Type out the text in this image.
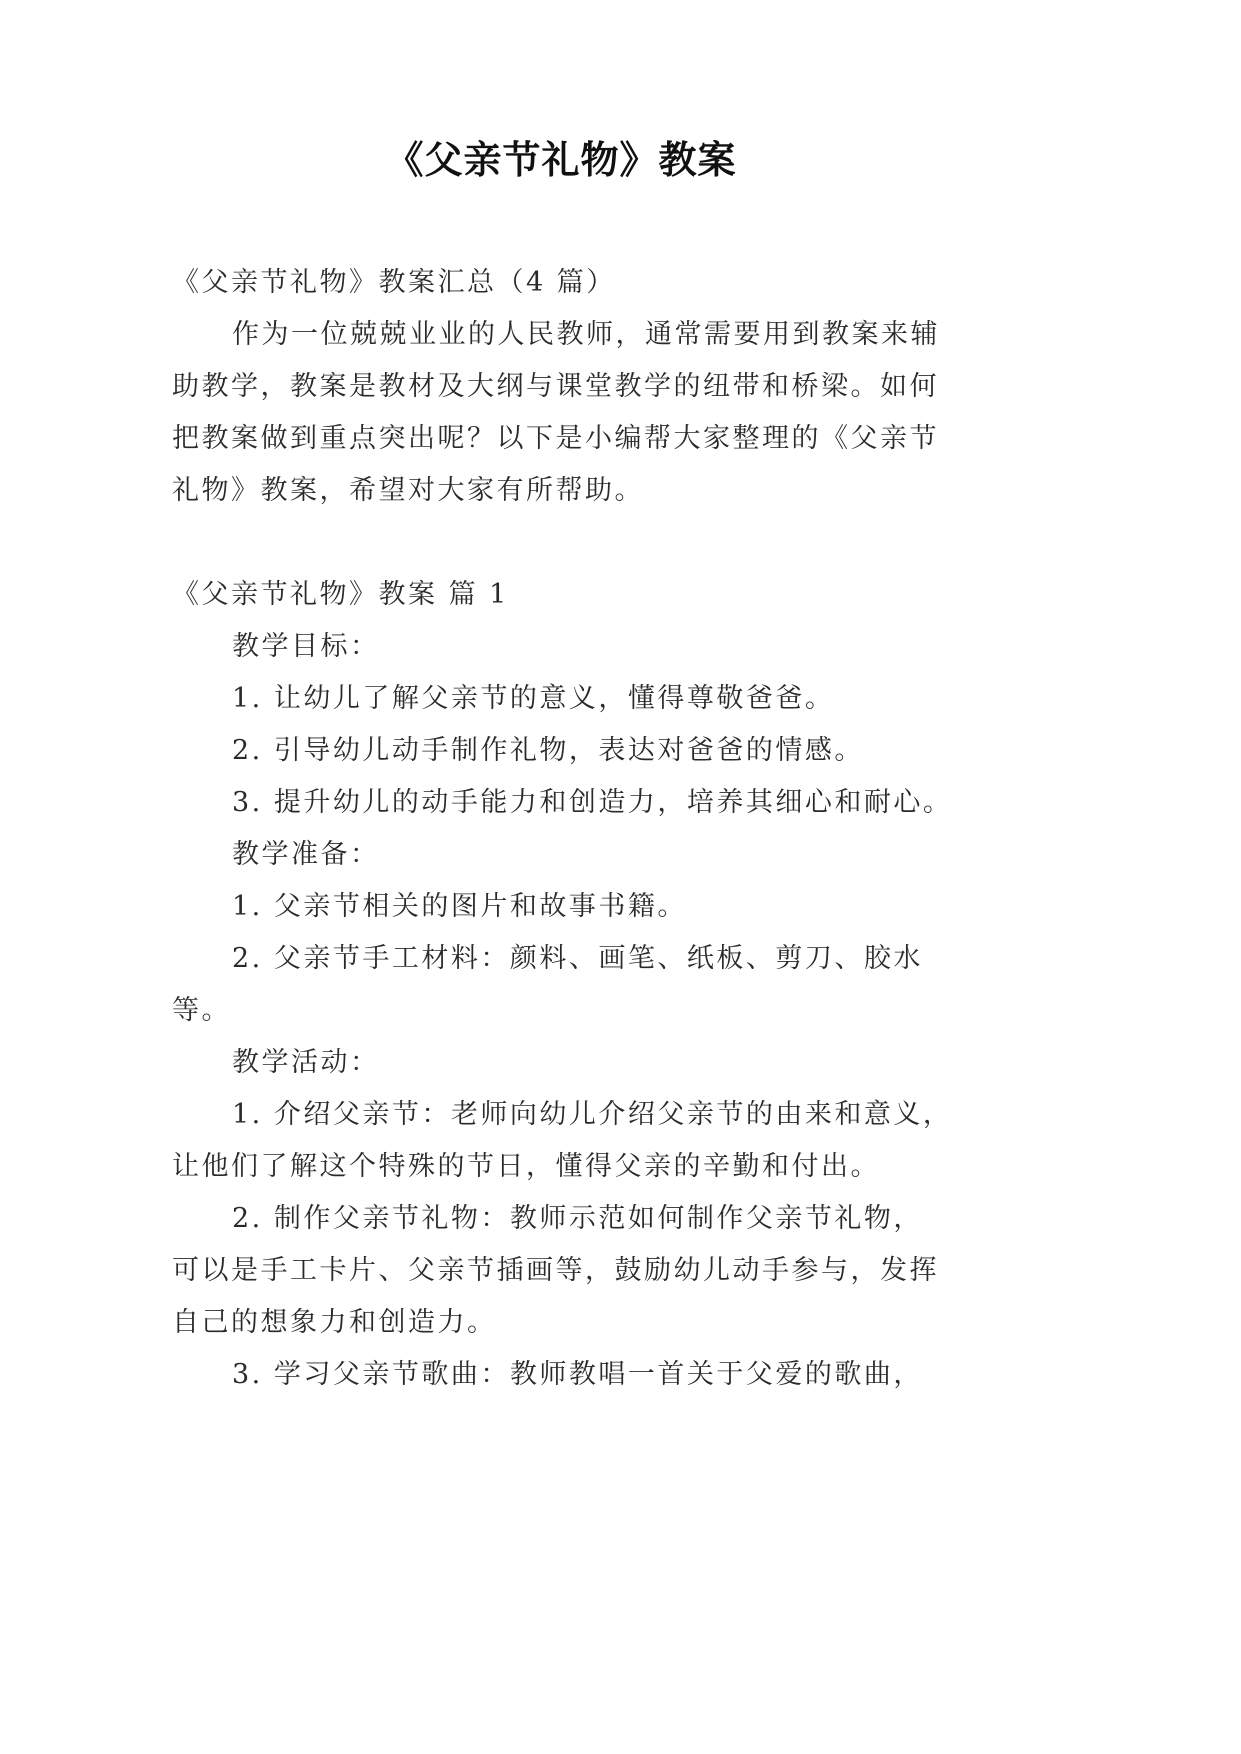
《父亲节礼物》教案
《父亲节礼物》教案汇总（4 篇）
作为一位兢兢业业的人民教师，通常需要用到教案来辅
助教学，教案是教材及大纲与课堂教学的纽带和桥梁。如何
把教案做到重点突出呢？以下是小编帮大家整理的《父亲节
礼物》教案，希望对大家有所帮助。
《父亲节礼物》教案 篇 1
教学目标：
1. 让幼儿了解父亲节的意义，懂得尊敬爸爸。
2. 引导幼儿动手制作礼物，表达对爸爸的情感。
3. 提升幼儿的动手能力和创造力，培养其细心和耐心。
教学准备：
1. 父亲节相关的图片和故事书籍。
2. 父亲节手工材料：颜料、画笔、纸板、剪刀、胶水
等。
教学活动：
1. 介绍父亲节：老师向幼儿介绍父亲节的由来和意义，
让他们了解这个特殊的节日，懂得父亲的辛勤和付出。
2. 制作父亲节礼物：教师示范如何制作父亲节礼物，
可以是手工卡片、父亲节插画等，鼓励幼儿动手参与，发挥
自己的想象力和创造力。
3. 学习父亲节歌曲：教师教唱一首关于父爱的歌曲，
